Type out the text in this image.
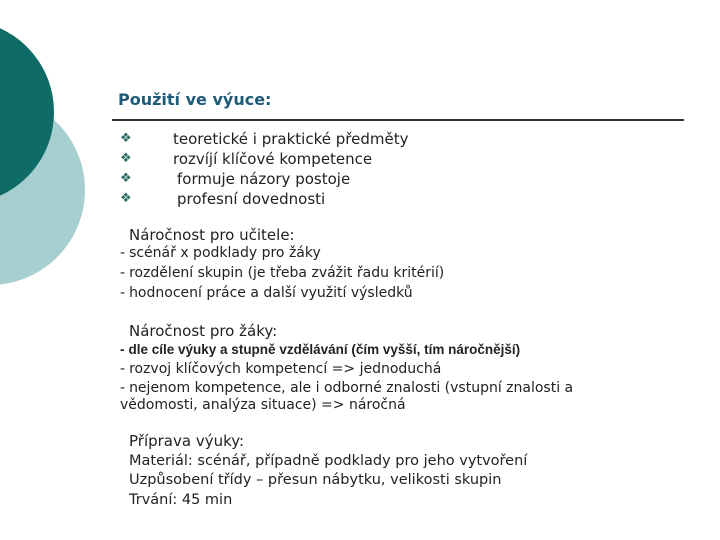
Použití ve výuce:
❖	teoretické i praktické předměty
❖	rozvíjí klíčové kompetence
❖	formuje názory postoje
❖	profesní dovednosti
Náročnost pro učitele:
- scénář x podklady pro žáky
- rozdělení skupin (je třeba zvážit řadu kritérií)
- hodnocení práce a další využití výsledků
Náročnost pro žáky:
- dle cíle výuky a stupně vzdělávání (čím vyšší, tím náročnější)
- rozvoj klíčových kompetencí => jednoduchá
- nejenom kompetence, ale i odborné znalosti (vstupní znalosti a
vědomosti, analýza situace) => náročná
Příprava výuky:
Materiál: scénář, případně podklady pro jeho vytvoření
Uzpůsobení třídy – přesun nábytku, velikosti skupin
Trvání: 45 min
